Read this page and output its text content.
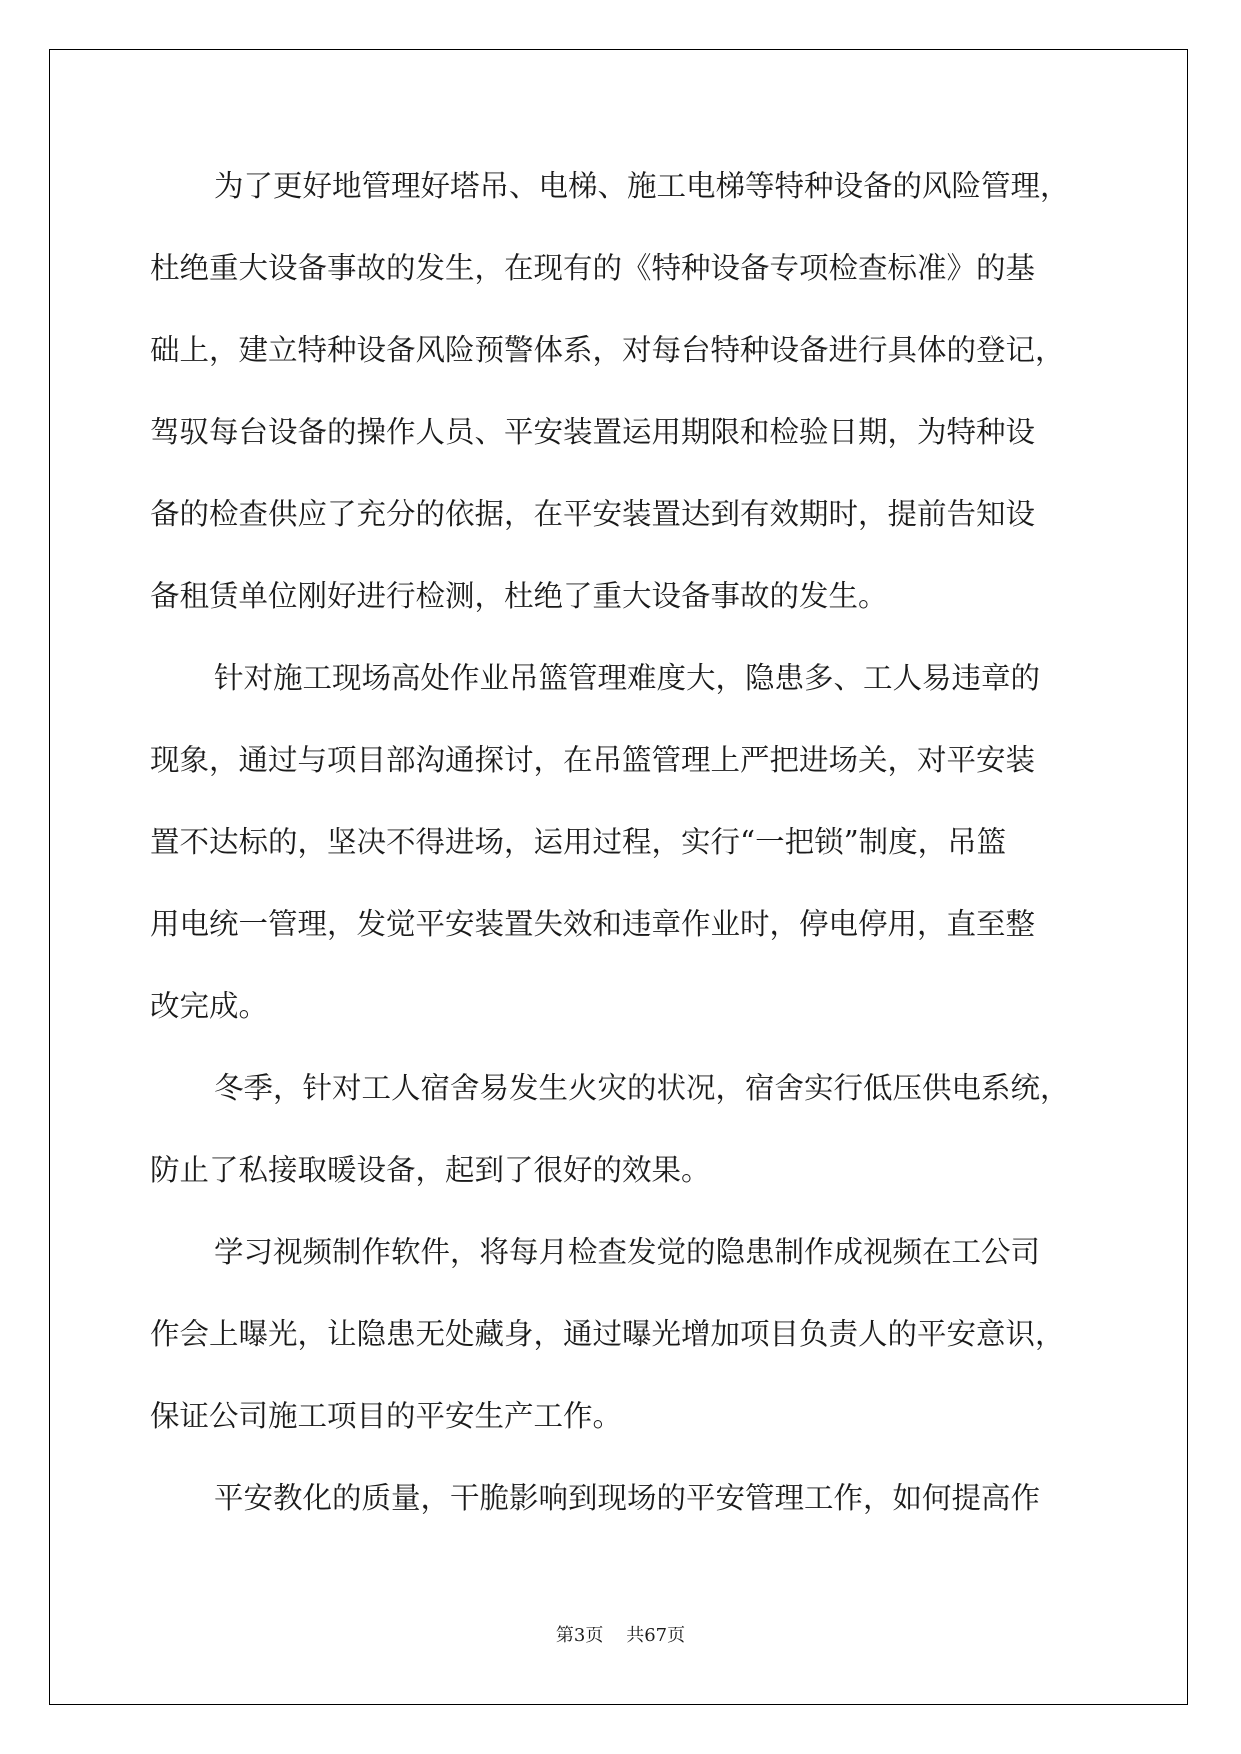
为了更好地管理好塔吊、电梯、施工电梯等特种设备的风险管理，
杜绝重大设备事故的发生，在现有的《特种设备专项检查标准》的基
础上，建立特种设备风险预警体系，对每台特种设备进行具体的登记，
驾驭每台设备的操作人员、平安装置运用期限和检验日期，为特种设
备的检查供应了充分的依据，在平安装置达到有效期时，提前告知设
备租赁单位刚好进行检测，杜绝了重大设备事故的发生。
针对施工现场高处作业吊篮管理难度大，隐患多、工人易违章的
现象，通过与项目部沟通探讨，在吊篮管理上严把进场关，对平安装
置不达标的，坚决不得进场，运用过程，实行“一把锁”制度，吊篮
用电统一管理，发觉平安装置失效和违章作业时，停电停用，直至整
改完成。
冬季，针对工人宿舍易发生火灾的状况，宿舍实行低压供电系统，
防止了私接取暖设备，起到了很好的效果。
学习视频制作软件，将每月检查发觉的隐患制作成视频在工公司
作会上曝光，让隐患无处藏身，通过曝光增加项目负责人的平安意识，
保证公司施工项目的平安生产工作。
平安教化的质量，干脆影响到现场的平安管理工作，如何提高作
第3页 共67页
